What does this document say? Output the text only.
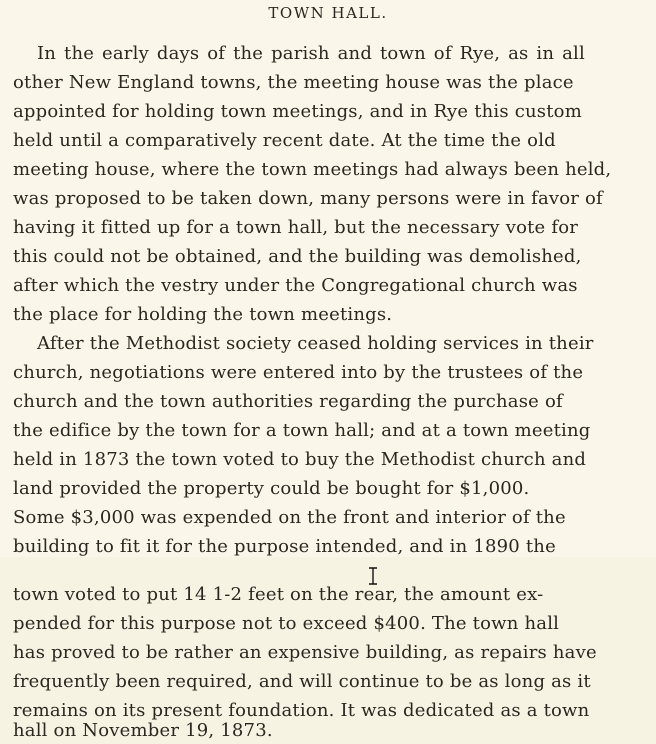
TOWN HALL.
In the early days of the parish and town of Rye, as in all
other New England towns, the meeting house was the place
appointed for holding town meetings, and in Rye this custom
held until a comparatively recent date. At the time the old
meeting house, where the town meetings had always been held,
was proposed to be taken down, many persons were in favor of
having it fitted up for a town hall, but the necessary vote for
this could not be obtained, and the building was demolished,
after which the vestry under the Congregational church was
the place for holding the town meetings.
After the Methodist society ceased holding services in their
church, negotiations were entered into by the trustees of the
church and the town authorities regarding the purchase of
the edifice by the town for a town hall; and at a town meeting
held in 1873 the town voted to buy the Methodist church and
land provided the property could be bought for $1,000.
Some $3,000 was expended on the front and interior of the
building to fit it for the purpose intended, and in 1890 the
town voted to put 14 1-2 feet on the rear, the amount ex-
pended for this purpose not to exceed $400. The town hall
has proved to be rather an expensive building, as repairs have
frequently been required, and will continue to be as long as it
remains on its present foundation. It was dedicated as a town
hall on November 19, 1873.
